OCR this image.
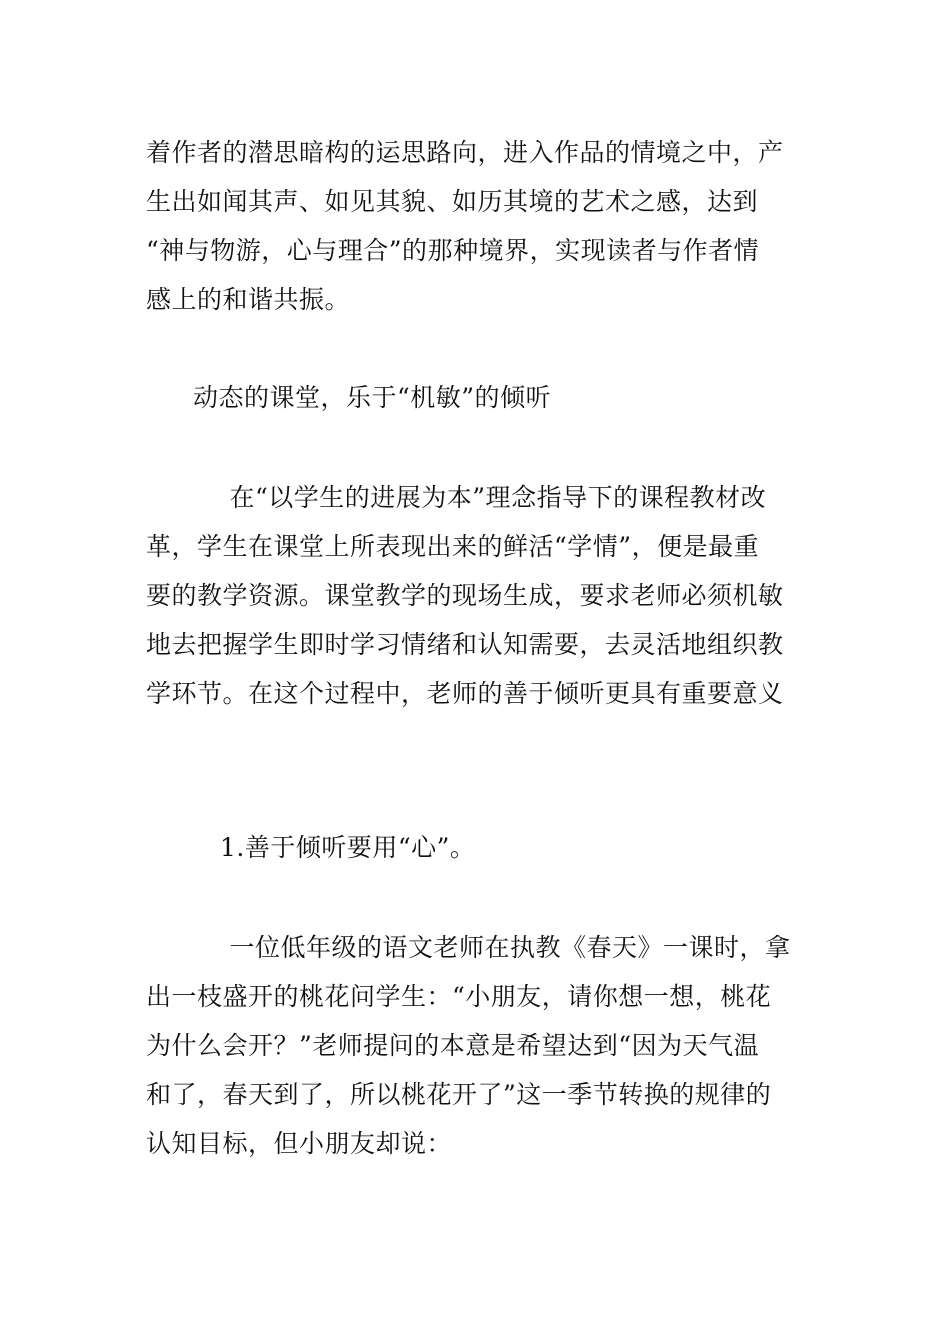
着作者的潜思暗构的运思路向，进入作品的情境之中，产
生出如闻其声、如见其貌、如历其境的艺术之感，达到
“神与物游，心与理合”的那种境界，实现读者与作者情
感上的和谐共振。
动态的课堂，乐于“机敏”的倾听
　在“以学生的进展为本”理念指导下的课程教材改
革，学生在课堂上所表现出来的鲜活“学情”，便是最重
要的教学资源。课堂教学的现场生成，要求老师必须机敏
地去把握学生即时学习情绪和认知需要，去灵活地组织教
学环节。在这个过程中，老师的善于倾听更具有重要意义
1.善于倾听要用“心”。
　一位低年级的语文老师在执教《春天》一课时，拿
出一枝盛开的桃花问学生：“小朋友，请你想一想，桃花
为什么会开？”老师提问的本意是希望达到“因为天气温
和了，春天到了，所以桃花开了”这一季节转换的规律的
认知目标，但小朋友却说：
